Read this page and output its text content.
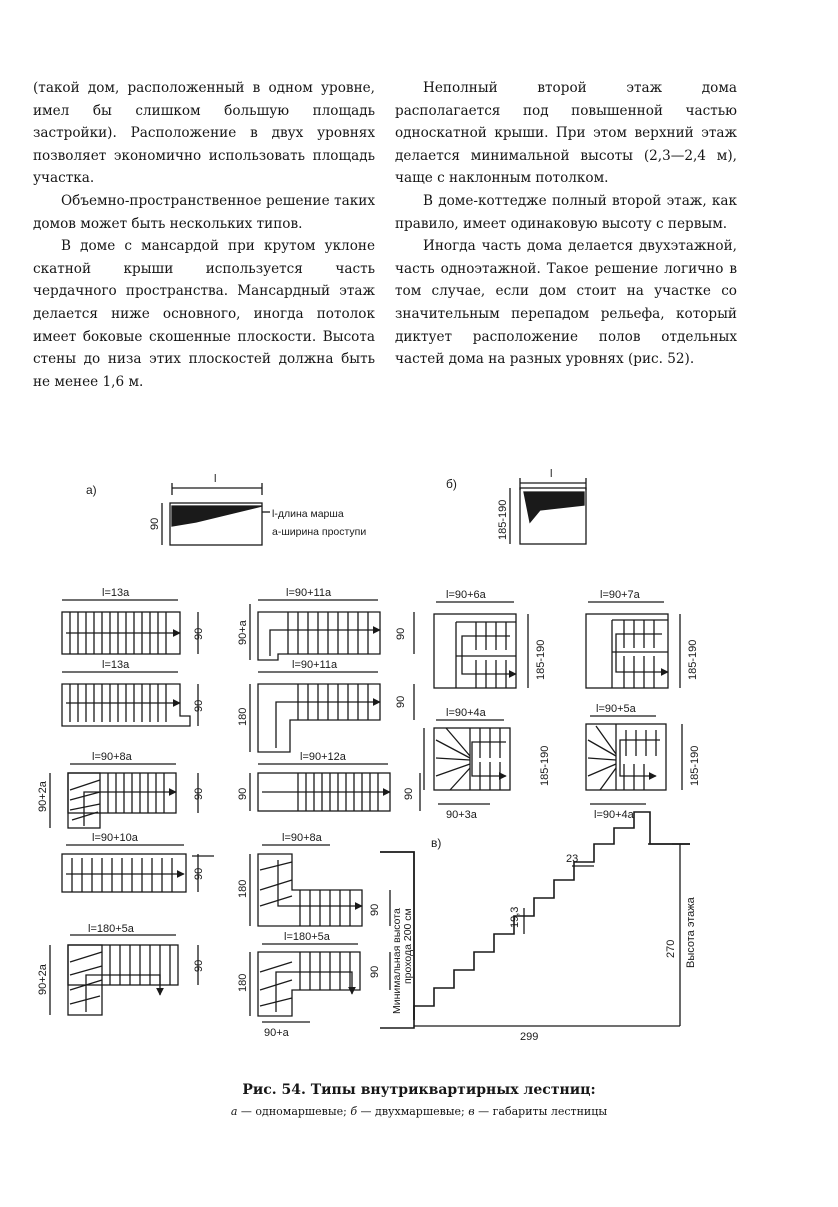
(такой дом, расположенный в одном уровне, имел бы слишком большую площадь застройки). Расположение в двух уровнях позволяет экономично использовать площадь участка.

Объемно-пространственное решение таких домов может быть нескольких типов.

В доме с мансардой при крутом уклоне скатной крыши используется часть чердачного пространства. Мансардный этаж делается ниже основного, иногда потолок имеет боковые скошенные плоскости. Высота стены до низа этих плоскостей должна быть не менее 1,6 м.

Неполный второй этаж дома располагается под повышенной частью односкатной крыши. При этом верхний этаж делается минимальной высоты (2,3—2,4 м), чаще с наклонным потолком.

В доме-коттедже полный второй этаж, как правило, имеет одинаковую высоту с первым.

Иногда часть дома делается двухэтажной, часть одноэтажной. Такое решение логично в том случае, если дом стоит на участке со значительным перепадом рельефа, который диктует расположение полов отдельных частей дома на разных уровнях (рис. 52).

а)	б)
в)
l
90
l-длина марша
а-ширина проступи
l
185-190
l=13а
90
l=13а
90
l=90+8а
90
90+2а
l=90+10а
90
l=180+5а
90
90+2а
l=90+11а
90
90+а
l=90+11а
90
180
l=90+12а
90
90
l=90+8а
90
180
l=180+5а
90
180
90+а
l=90+6а
185-190
l=90+7а
185-190
l=90+4а
185-190
90+3а
l=90+5а
185-190
l=90+4а
23
19,3
270 Высота этажа
299
Минимальная высота прохода 200 см
Рис. 54. Типы внутриквартирных лестниц:
а — одномаршевые; б — двухмаршевые; в — габариты лестницы
